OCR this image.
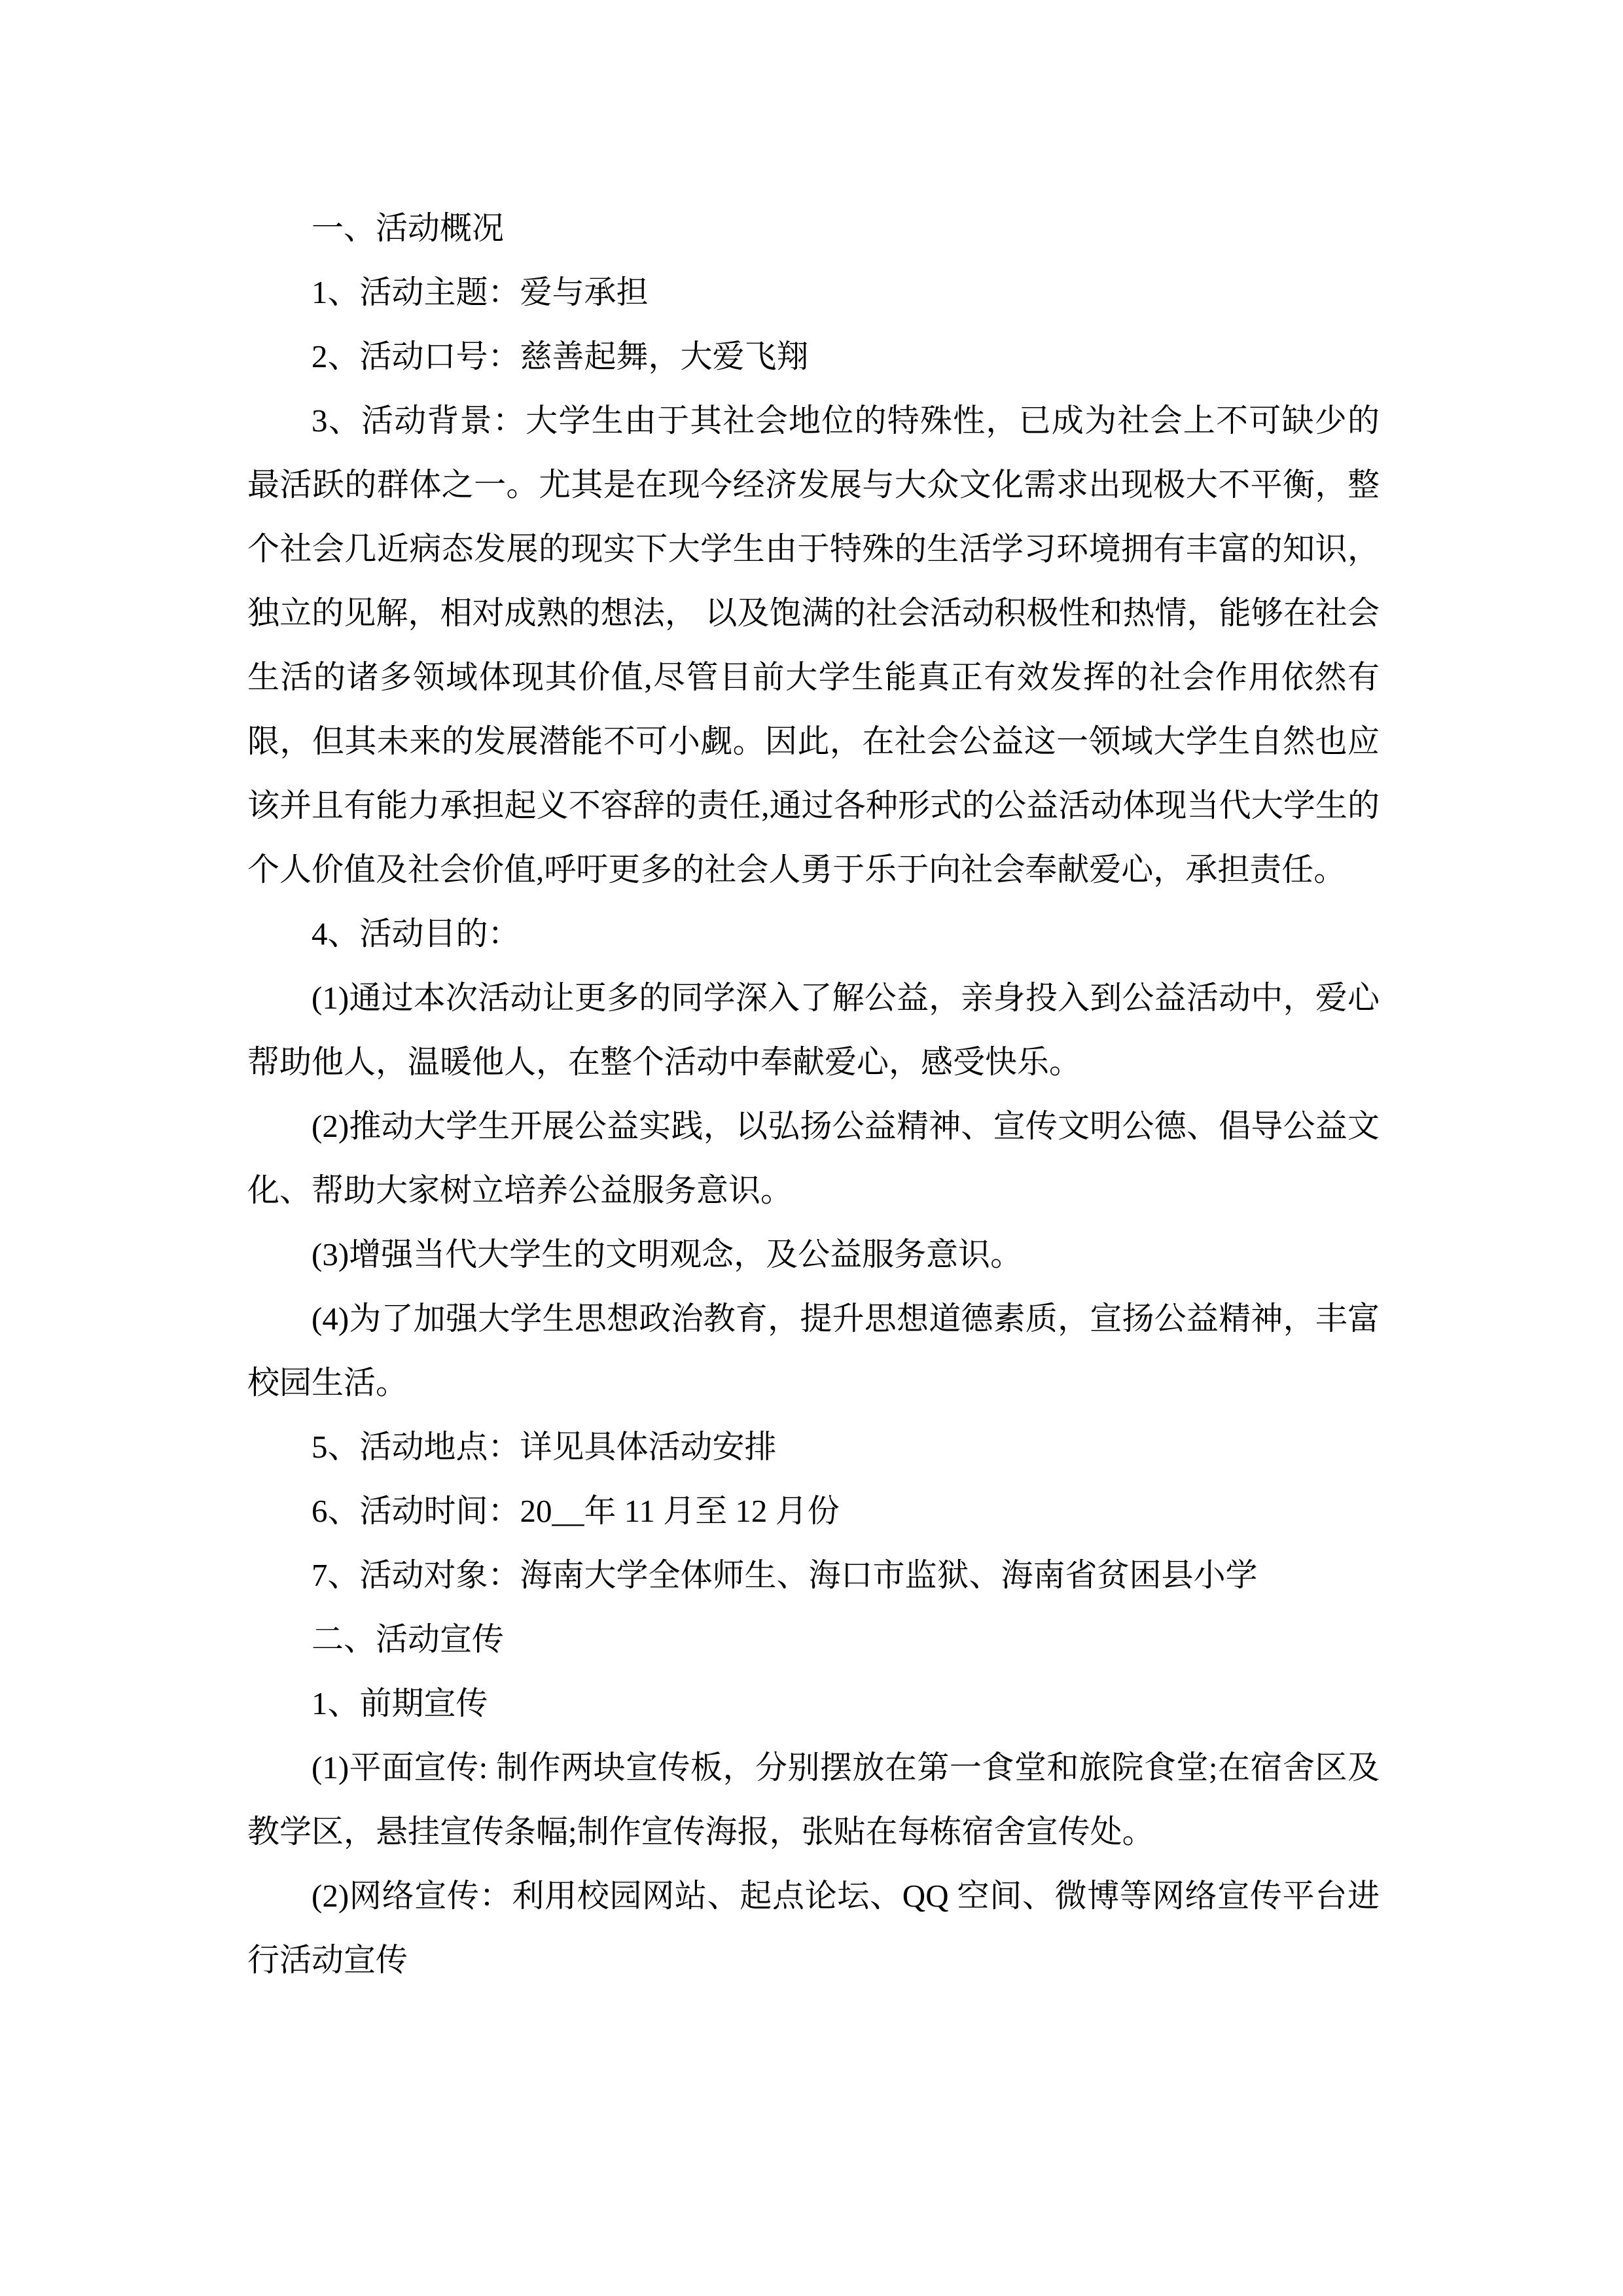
一、活动概况

1、活动主题：爱与承担

2、活动口号：慈善起舞，大爱飞翔

3、活动背景：大学生由于其社会地位的特殊性，已成为社会上不可缺少的最活跃的群体之一。尤其是在现今经济发展与大众文化需求出现极大不平衡，整个社会几近病态发展的现实下大学生由于特殊的生活学习环境拥有丰富的知识，独立的见解，相对成熟的想法， 以及饱满的社会活动积极性和热情，能够在社会生活的诸多领域体现其价值,尽管目前大学生能真正有效发挥的社会作用依然有限，但其未来的发展潜能不可小觑。因此，在社会公益这一领域大学生自然也应该并且有能力承担起义不容辞的责任,通过各种形式的公益活动体现当代大学生的个人价值及社会价值,呼吁更多的社会人勇于乐于向社会奉献爱心，承担责任。

4、活动目的：

(1)通过本次活动让更多的同学深入了解公益，亲身投入到公益活动中，爱心帮助他人，温暖他人，在整个活动中奉献爱心，感受快乐。

(2)推动大学生开展公益实践，以弘扬公益精神、宣传文明公德、倡导公益文化、帮助大家树立培养公益服务意识。

(3)增强当代大学生的文明观念，及公益服务意识。

(4)为了加强大学生思想政治教育，提升思想道德素质，宣扬公益精神，丰富校园生活。

5、活动地点：详见具体活动安排

6、活动时间：20__年 11 月至 12 月份

7、活动对象：海南大学全体师生、海口市监狱、海南省贫困县小学

二、活动宣传

1、前期宣传

(1)平面宣传: 制作两块宣传板，分别摆放在第一食堂和旅院食堂;在宿舍区及教学区，悬挂宣传条幅;制作宣传海报，张贴在每栋宿舍宣传处。

(2)网络宣传：利用校园网站、起点论坛、QQ 空间、微博等网络宣传平台进行活动宣传
